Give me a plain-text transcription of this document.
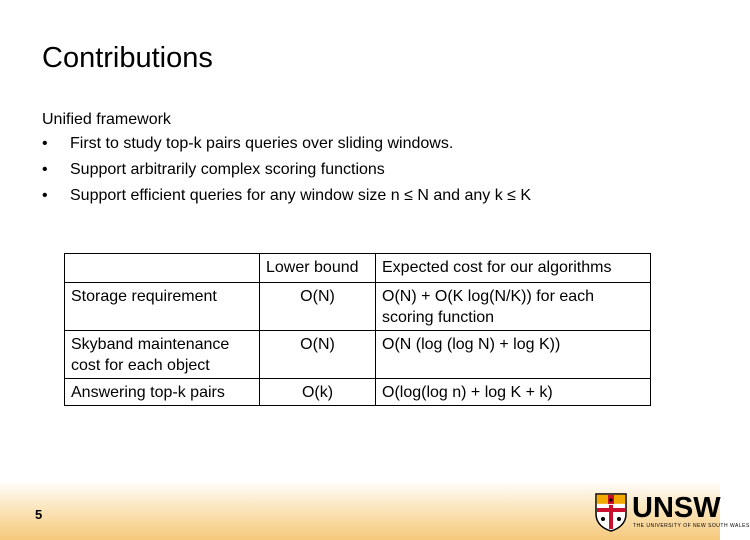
Contributions
Unified framework
• First to study top-k pairs queries over sliding windows.
• Support arbitrarily complex scoring functions
• Support efficient queries for any window size n ≤ N and any k ≤ K
	Lower bound	Expected cost for our algorithms
Storage requirement	O(N)	O(N) + O(K log(N/K)) for each scoring function
Skyband maintenance cost for each object	O(N)	O(N (log (log N) + log K))
Answering top-k pairs	O(k)	O(log(log n) + log K + k)
5	UNSW
THE UNIVERSITY OF NEW SOUTH WALES
